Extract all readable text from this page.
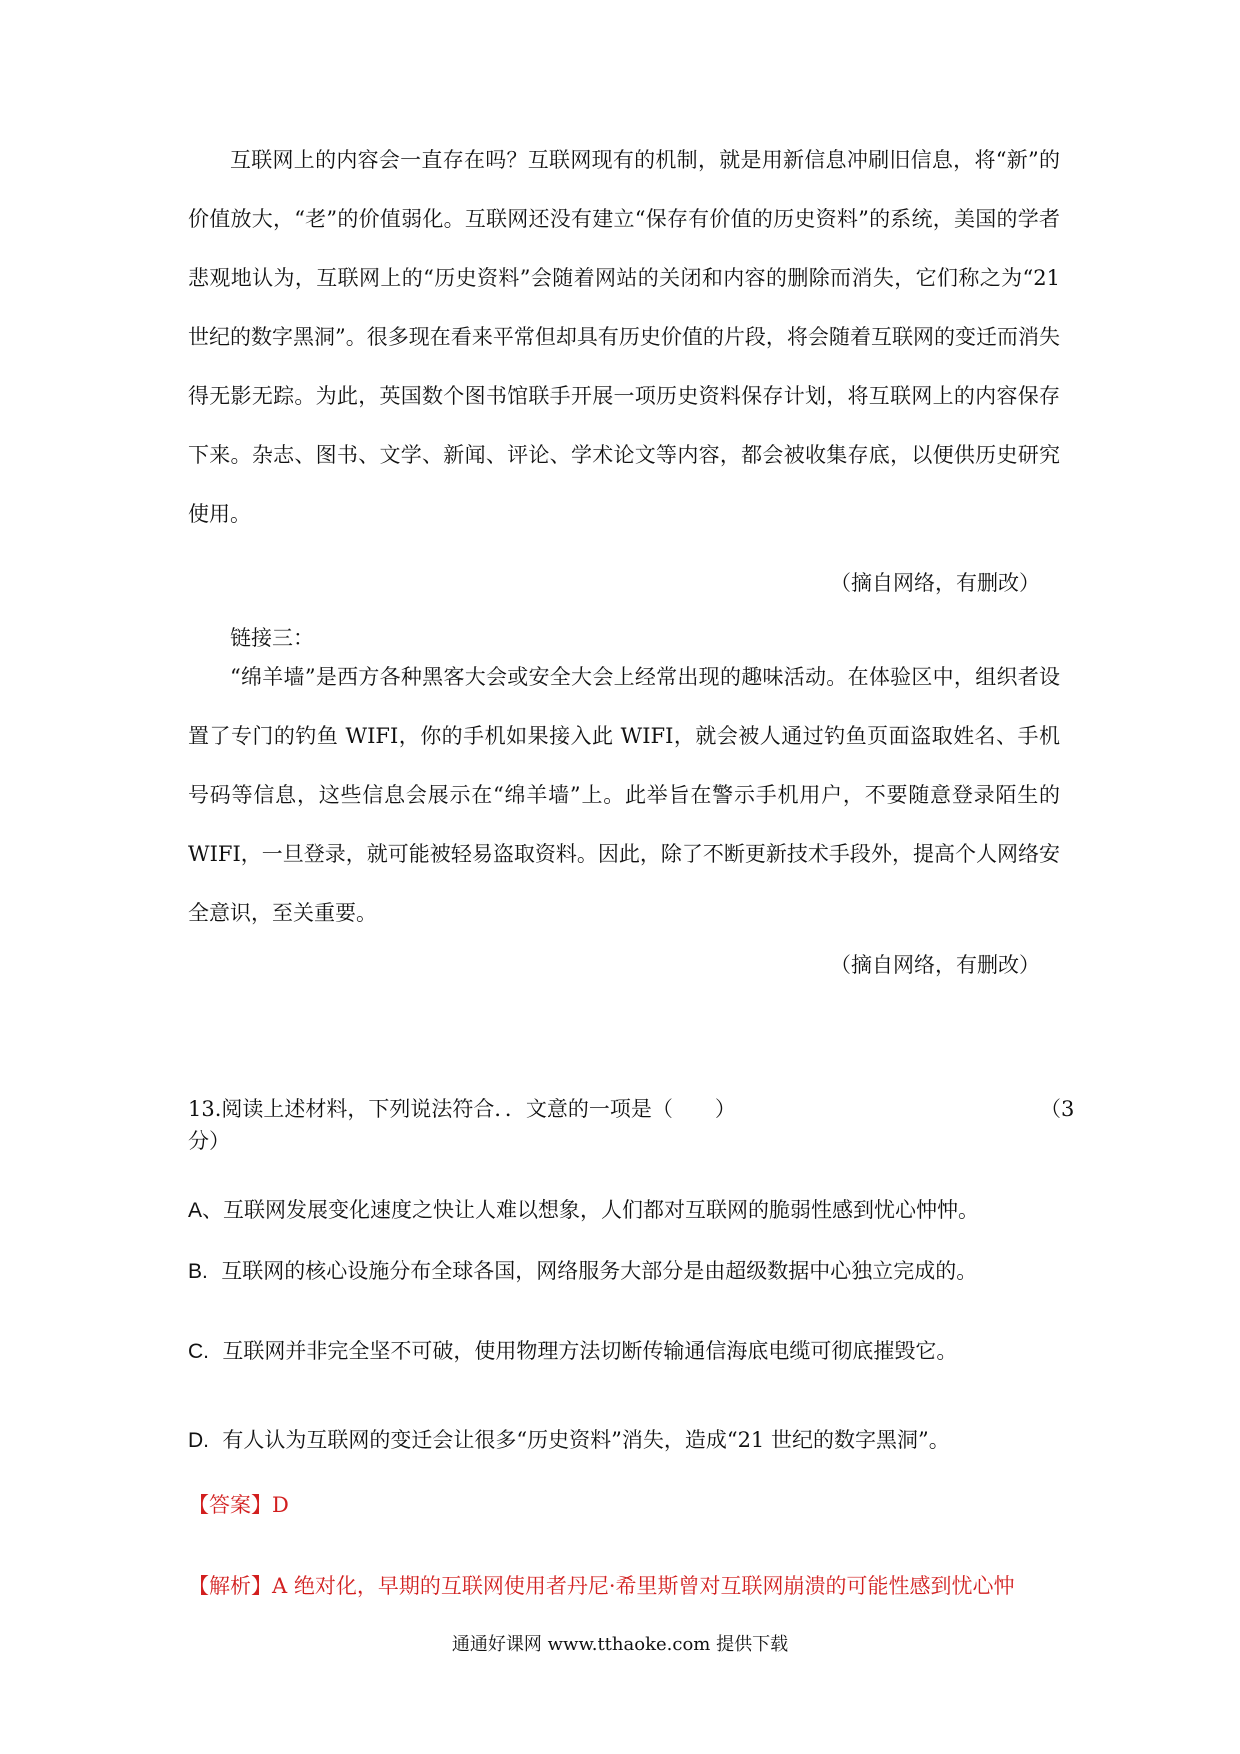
互联网上的内容会一直存在吗？互联网现有的机制，就是用新信息冲刷旧信息，将“新”的价值放大，“老”的价值弱化。互联网还没有建立“保存有价值的历史资料”的系统，美国的学者悲观地认为，互联网上的“历史资料”会随着网站的关闭和内容的删除而消失，它们称之为“21 世纪的数字黑洞”。很多现在看来平常但却具有历史价值的片段，将会随着互联网的变迁而消失得无影无踪。为此，英国数个图书馆联手开展一项历史资料保存计划，将互联网上的内容保存下来。杂志、图书、文学、新闻、评论、学术论文等内容，都会被收集存底，以便供历史研究使用。

（摘自网络，有删改）

链接三：

“绵羊墙”是西方各种黑客大会或安全大会上经常出现的趣味活动。在体验区中，组织者设置了专门的钓鱼 WIFI，你的手机如果接入此 WIFI，就会被人通过钓鱼页面盗取姓名、手机号码等信息，这些信息会展示在“绵羊墙”上。此举旨在警示手机用户，不要随意登录陌生的 WIFI，一旦登录，就可能被轻易盗取资料。因此，除了不断更新技术手段外，提高个人网络安全意识，至关重要。

（摘自网络，有删改）

13.阅读上述材料，下列说法符合．．文意的一项是（　　）	（3

分）

A、互联网发展变化速度之快让人难以想象，人们都对互联网的脆弱性感到忧心忡忡。

B. 互联网的核心设施分布全球各国，网络服务大部分是由超级数据中心独立完成的。

C. 互联网并非完全坚不可破，使用物理方法切断传输通信海底电缆可彻底摧毁它。

D. 有人认为互联网的变迁会让很多“历史资料”消失，造成“21 世纪的数字黑洞”。

【答案】D

【解析】A 绝对化，早期的互联网使用者丹尼·希里斯曾对互联网崩溃的可能性感到忧心忡

通通好课网 www.tthaoke.com 提供下载
